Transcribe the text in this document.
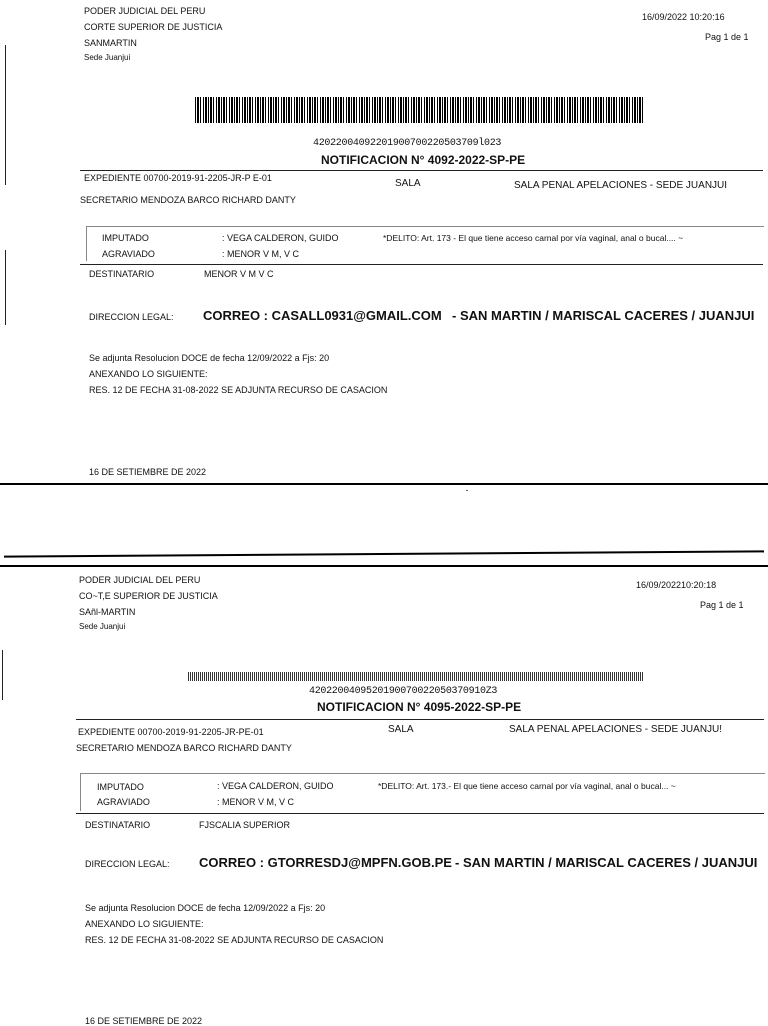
PODER JUDICIAL DEL PERU
CORTE SUPERIOR DE JUSTICIA
SANMARTIN
Sede Juanjui
16/09/2022 10:20:16
Pag 1 de 1
42022004092201900700220503709l023
NOTIFICACION N° 4092-2022-SP-PE
EXPEDIENTE 00700-2019-91-2205-JR-P E-01	SALA	SALA PENAL APELACIONES - SEDE JUANJUI
SECRETARIO MENDOZA BARCO RICHARD DANTY
IMPUTADO	: VEGA CALDERON, GUIDO	*DELITO: Art. 173 - El que tiene acceso carnal por vía vaginal, anal o bucal.... ~
AGRAVIADO	: MENOR V M, V C
DESTINATARIO	MENOR V M V C
DIRECCION LEGAL: CORREO : CASALL0931@GMAIL.COM - SAN MARTIN / MARISCAL CACERES / JUANJUI
Se adjunta Resolucion DOCE de fecha 12/09/2022 a Fjs: 20
ANEXANDO LO SIGUIENTE:
RES. 12 DE FECHA 31-08-2022 SE ADJUNTA RECURSO DE CASACION
16 DE SETIEMBRE DE 2022
PODER JUDICIAL DEL PERU
CO~T,E SUPERIOR DE JUSTICIA
SAñl-MARTIN
Sede Juanjui
16/09/202210:20:18
Pag 1 de 1
4202200409520190070022050370910Z3
NOTIFICACION N° 4095-2022-SP-PE
EXPEDIENTE 00700-2019-91-2205-JR-PE-01	SALA	SALA PENAL APELACIONES - SEDE JUANJU!
SECRETARIO MENDOZA BARCO RICHARD DANTY
IMPUTADO	: VEGA CALDERON, GUIDO	*DELITO: Art. 173.- El que tiene acceso carnal por vía vaginal, anal o bucal... ~
AGRAVIADO	: MENOR V M, V C
DESTINATARIO	FJSCALIA SUPERIOR
DIRECCION LEGAL: CORREO : GTORRESDJ@MPFN.GOB.PE - SAN MARTIN / MARISCAL CACERES / JUANJUI
Se adjunta Resolucion DOCE de fecha 12/09/2022 a Fjs: 20
ANEXANDO LO SIGUIENTE:
RES. 12 DE FECHA 31-08-2022 SE ADJUNTA RECURSO DE CASACION
16 DE SETIEMBRE DE 2022
